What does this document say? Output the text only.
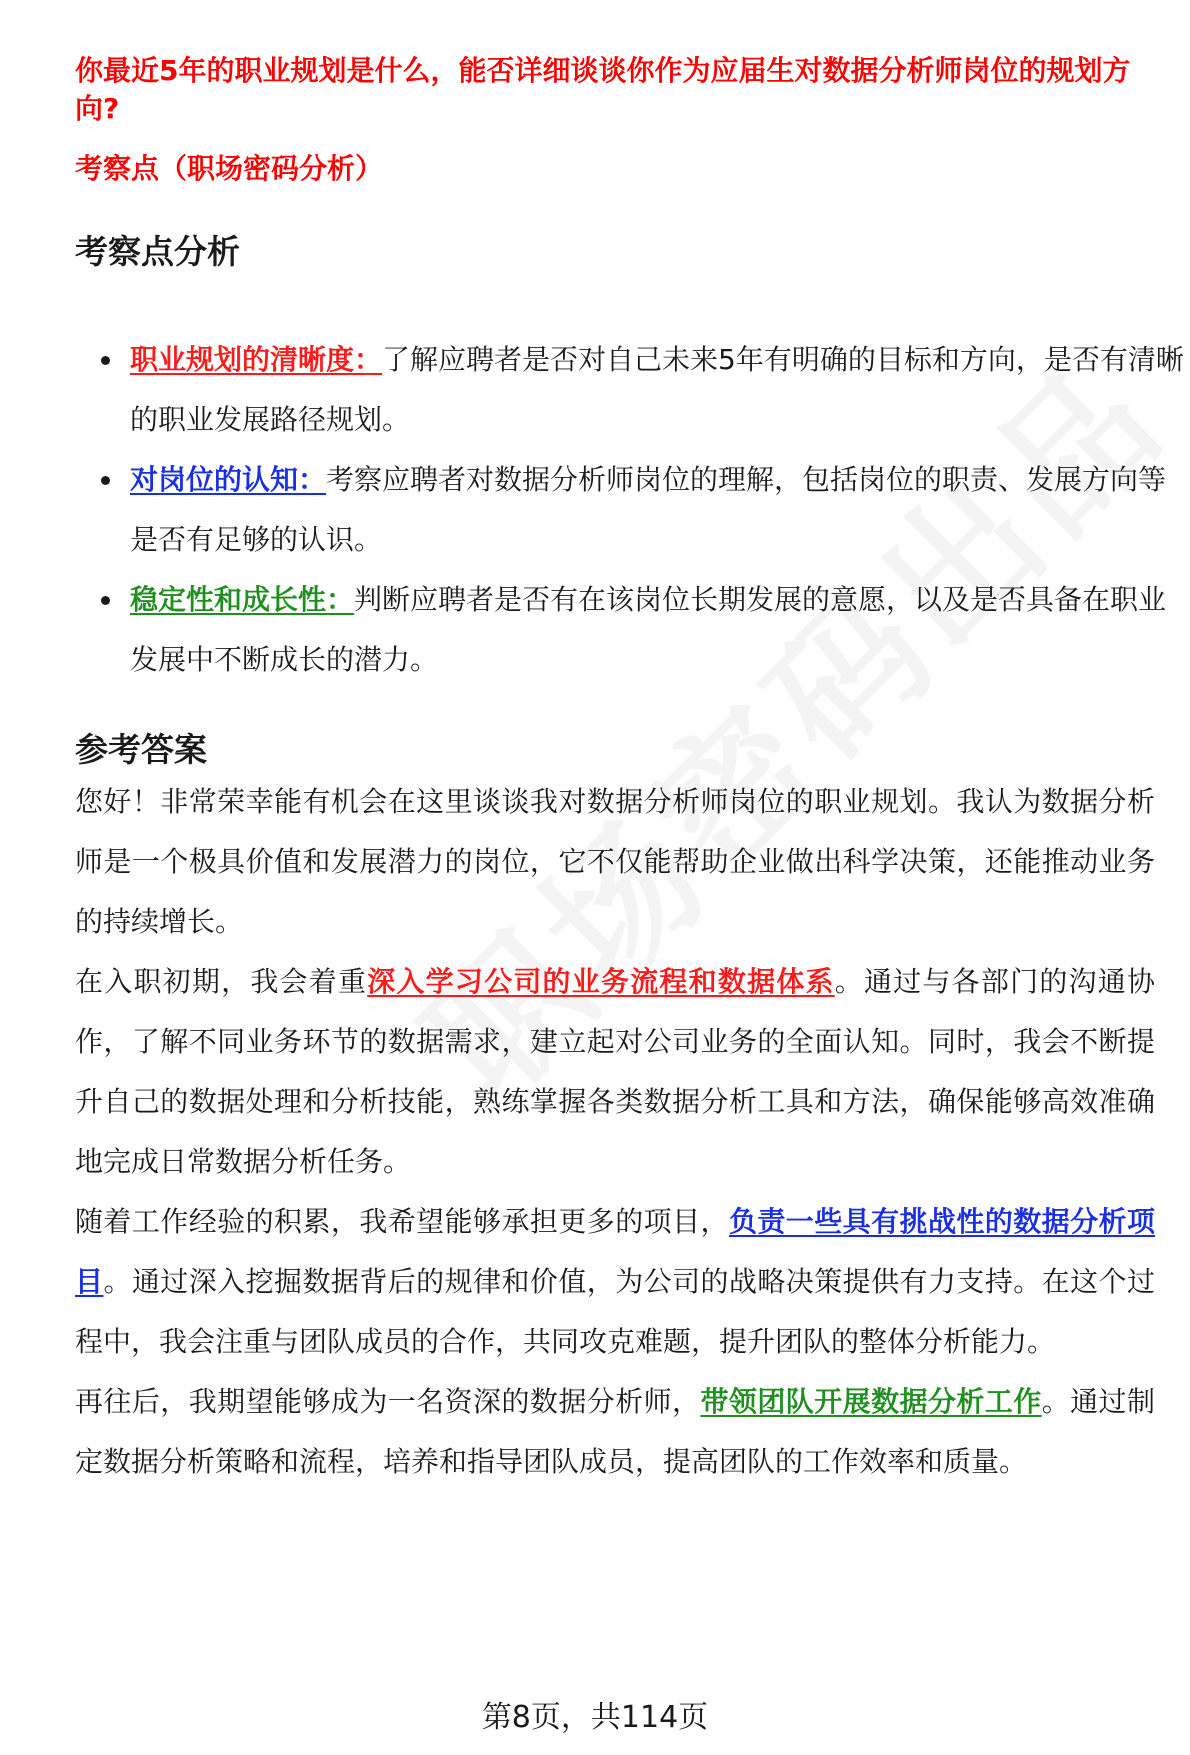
你最近5年的职业规划是什么，能否详细谈谈你作为应届生对数据分析师岗位的规划方向?

考察点（职场密码分析）

考察点分析
职业规划的清晰度：了解应聘者是否对自己未来5年有明确的目标和方向，是否有清晰的职业发展路径规划。
对岗位的认知：考察应聘者对数据分析师岗位的理解，包括岗位的职责、发展方向等是否有足够的认识。
稳定性和成长性：判断应聘者是否有在该岗位长期发展的意愿，以及是否具备在职业发展中不断成长的潜力。
参考答案

您好！非常荣幸能有机会在这里谈谈我对数据分析师岗位的职业规划。我认为数据分析师是一个极具价值和发展潜力的岗位，它不仅能帮助企业做出科学决策，还能推动业务的持续增长。

在入职初期，我会着重深入学习公司的业务流程和数据体系。通过与各部门的沟通协作，了解不同业务环节的数据需求，建立起对公司业务的全面认知。同时，我会不断提升自己的数据处理和分析技能，熟练掌握各类数据分析工具和方法，确保能够高效准确地完成日常数据分析任务。

随着工作经验的积累，我希望能够承担更多的项目，负责一些具有挑战性的数据分析项目。通过深入挖掘数据背后的规律和价值，为公司的战略决策提供有力支持。在这个过程中，我会注重与团队成员的合作，共同攻克难题，提升团队的整体分析能力。

再往后，我期望能够成为一名资深的数据分析师，带领团队开展数据分析工作。通过制定数据分析策略和流程，培养和指导团队成员，提高团队的工作效率和质量。

第8页，共114页
